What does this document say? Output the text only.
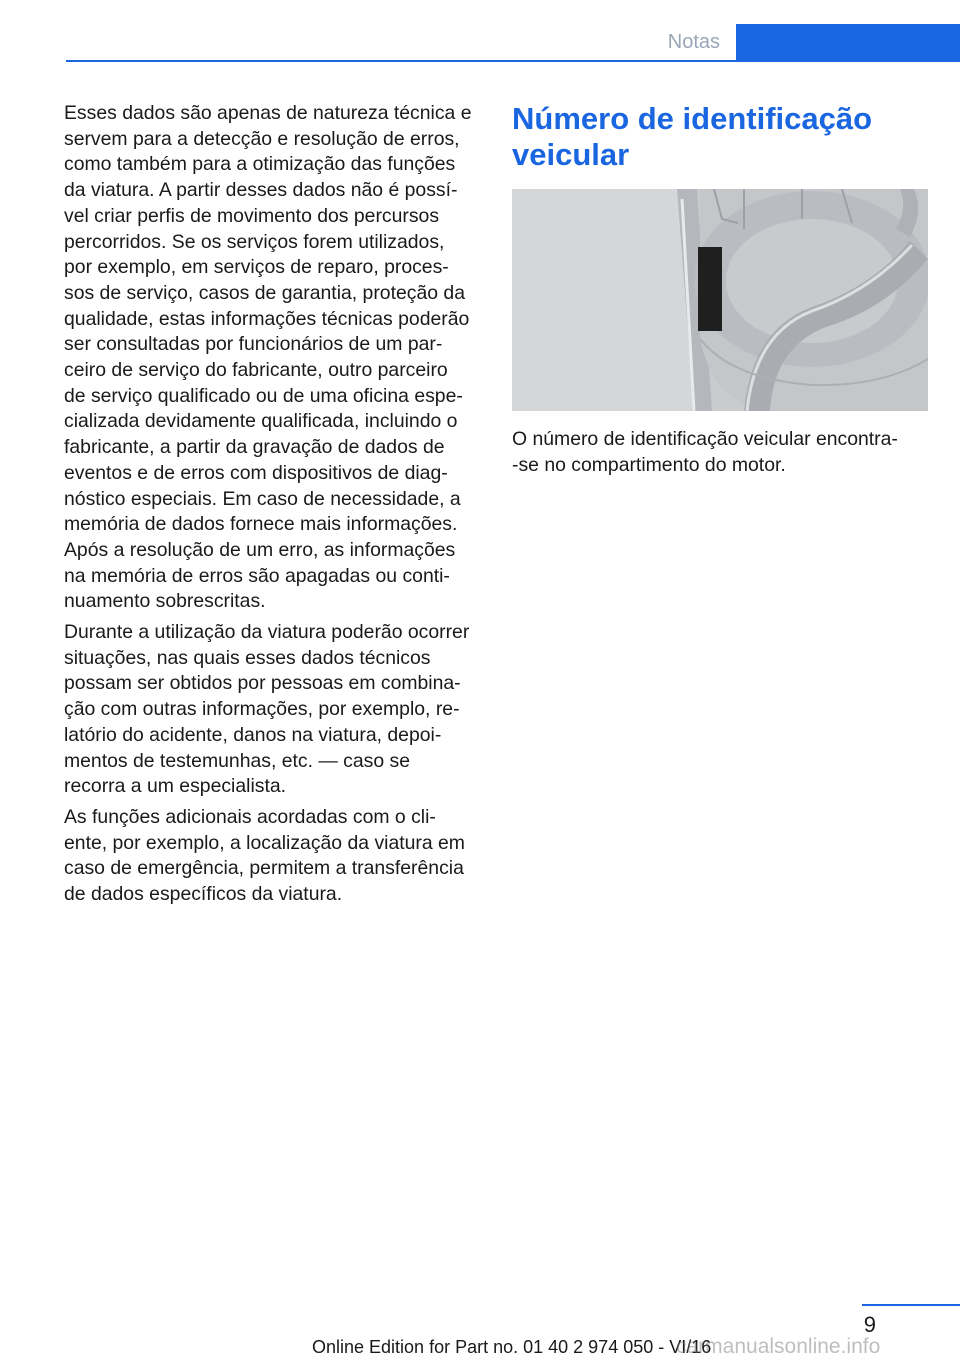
Notas

Esses dados são apenas de natureza técnica e
servem para a detecção e resolução de erros,
como também para a otimização das funções
da viatura. A partir desses dados não é possí‐
vel criar perfis de movimento dos percursos
percorridos. Se os serviços forem utilizados,
por exemplo, em serviços de reparo, proces‐
sos de serviço, casos de garantia, proteção da
qualidade, estas informações técnicas poderão
ser consultadas por funcionários de um par‐
ceiro de serviço do fabricante, outro parceiro
de serviço qualificado ou de uma oficina espe‐
cializada devidamente qualificada, incluindo o
fabricante, a partir da gravação de dados de
eventos e de erros com dispositivos de diag‐
nóstico especiais. Em caso de necessidade, a
memória de dados fornece mais informações.
Após a resolução de um erro, as informações
na memória de erros são apagadas ou conti‐
nuamento sobrescritas.

Durante a utilização da viatura poderão ocorrer
situações, nas quais esses dados técnicos
possam ser obtidos por pessoas em combina‐
ção com outras informações, por exemplo, re‐
latório do acidente, danos na viatura, depoi‐
mentos de testemunhas, etc. — caso se
recorra a um especialista.

As funções adicionais acordadas com o cli‐
ente, por exemplo, a localização da viatura em
caso de emergência, permitem a transferência
de dados específicos da viatura.

Número de identificação
veicular

O número de identificação veicular encontra‐
‐se no compartimento do motor.

9
Online Edition for Part no. 01 40 2 974 050 - VI/16
carmanualsonline.info
